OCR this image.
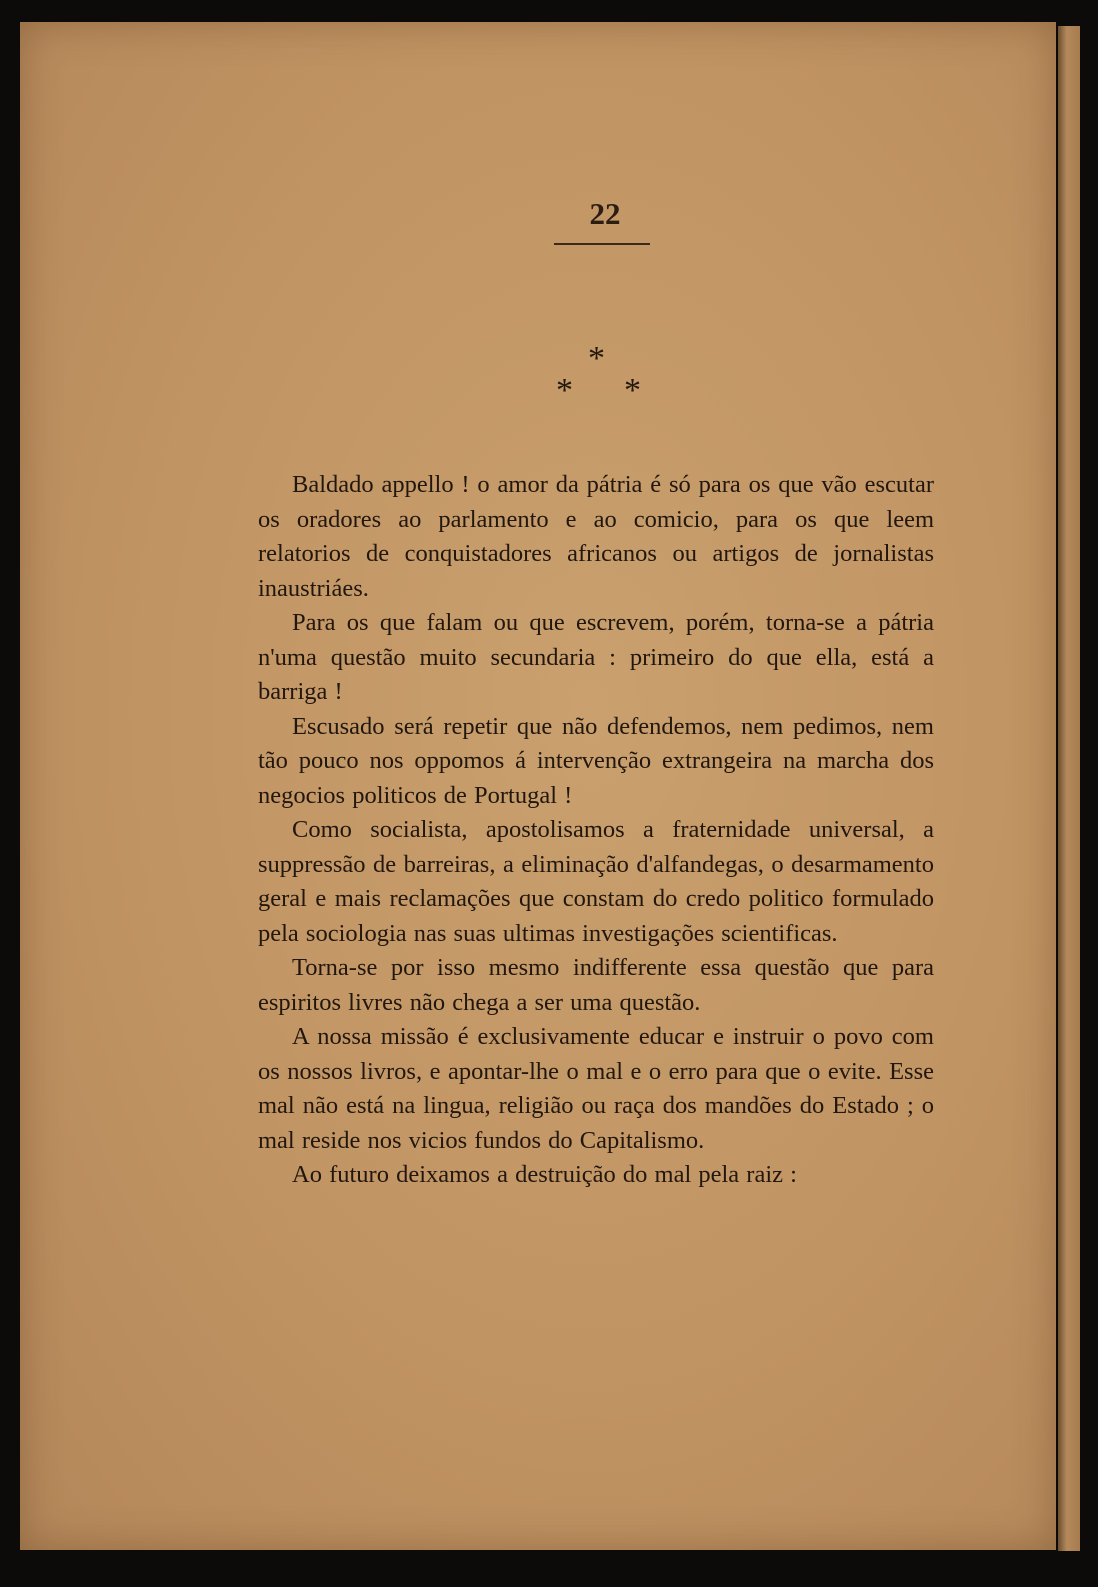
22
*
* *

Baldado appello ! o amor da pátria é só para os que vão escutar os oradores ao parlamento e ao comicio, para os que leem relatorios de conquistadores africanos ou artigos de jornalistas inaustriáes.

Para os que falam ou que escrevem, porém, torna-se a pátria n'uma questão muito secundaria : primeiro do que ella, está a barriga !

Escusado será repetir que não defendemos, nem pedimos, nem tão pouco nos oppomos á intervenção extrangeira na marcha dos negocios politicos de Portugal !

Como socialista, apostolisamos a fraternidade universal, a suppressão de barreiras, a eliminação d'alfandegas, o desarmamento geral e mais reclamações que constam do credo politico formulado pela sociologia nas suas ultimas investigações scientificas.

Torna-se por isso mesmo indifferente essa questão que para espiritos livres não chega a ser uma questão.

A nossa missão é exclusivamente educar e instruir o povo com os nossos livros, e apontar-lhe o mal e o erro para que o evite. Esse mal não está na lingua, religião ou raça dos mandões do Estado ; o mal reside nos vicios fundos do Capitalismo.

Ao futuro deixamos a destruição do mal pela raiz :
